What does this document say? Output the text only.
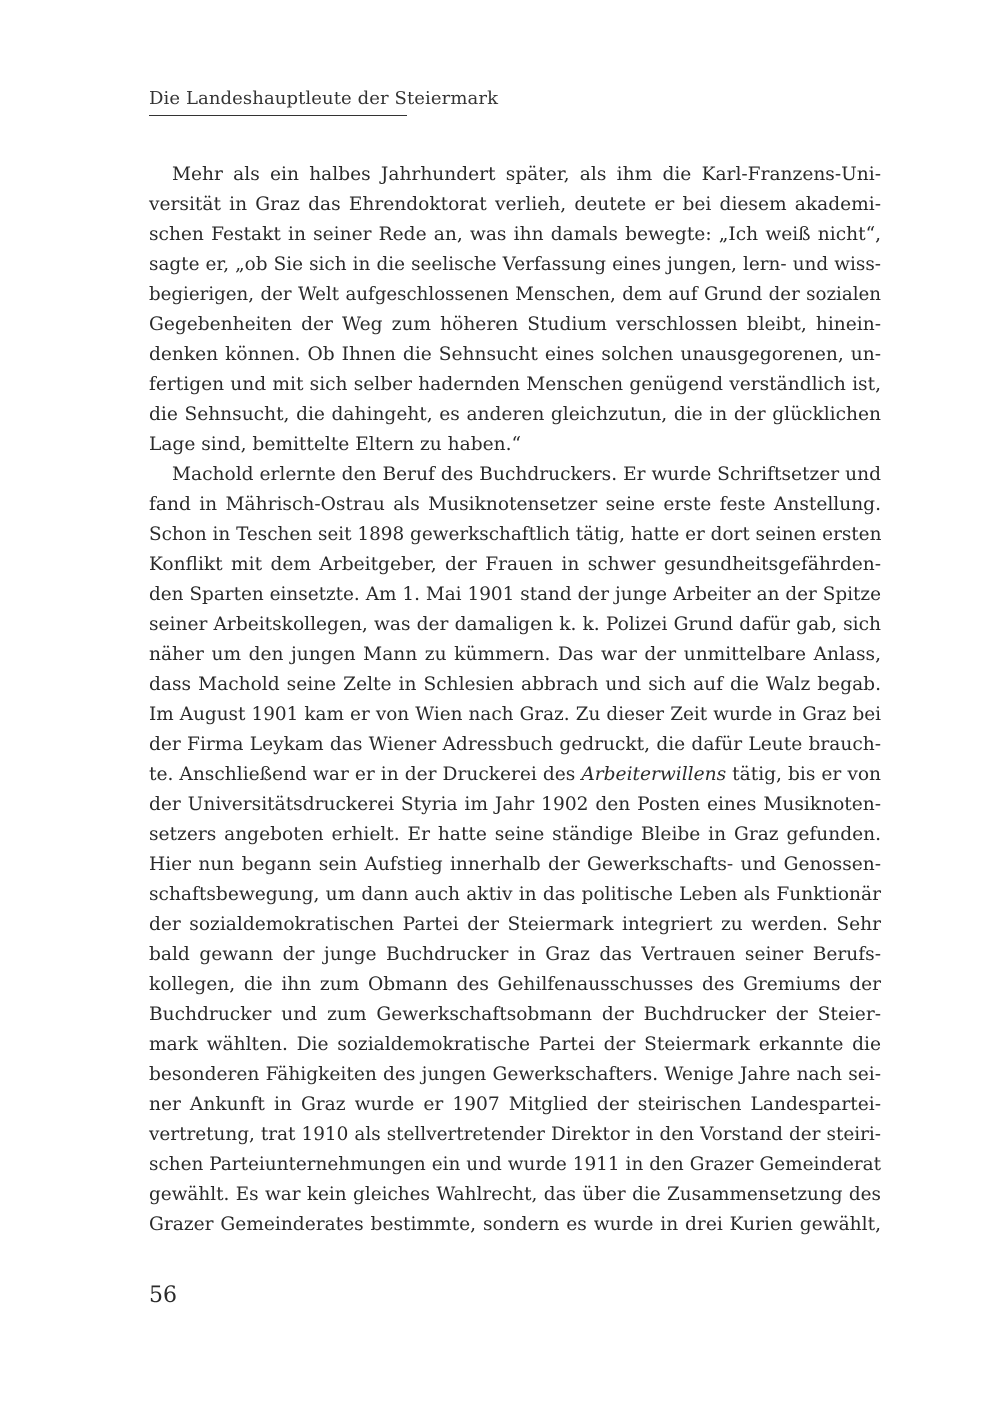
Die Landeshauptleute der Steiermark
Mehr als ein halbes Jahrhundert später, als ihm die Karl-Franzens-Uni-
versität in Graz das Ehrendoktorat verlieh, deutete er bei diesem akademi-
schen Festakt in seiner Rede an, was ihn damals bewegte: „Ich weiß nicht“,
sagte er, „ob Sie sich in die seelische Verfassung eines jungen, lern- und wiss-
begierigen, der Welt aufgeschlossenen Menschen, dem auf Grund der sozialen
Gegebenheiten der Weg zum höheren Studium verschlossen bleibt, hinein-
denken können. Ob Ihnen die Sehnsucht eines solchen unausgegorenen, un-
fertigen und mit sich selber hadernden Menschen genügend verständlich ist,
die Sehnsucht, die dahingeht, es anderen gleichzutun, die in der glücklichen
Lage sind, bemittelte Eltern zu haben.“
Machold erlernte den Beruf des Buchdruckers. Er wurde Schriftsetzer und
fand in Mährisch-Ostrau als Musiknotensetzer seine erste feste Anstellung.
Schon in Teschen seit 1898 gewerkschaftlich tätig, hatte er dort seinen ersten
Konflikt mit dem Arbeitgeber, der Frauen in schwer gesundheitsgefährden-
den Sparten einsetzte. Am 1. Mai 1901 stand der junge Arbeiter an der Spitze
seiner Arbeitskollegen, was der damaligen k. k. Polizei Grund dafür gab, sich
näher um den jungen Mann zu kümmern. Das war der unmittelbare Anlass,
dass Machold seine Zelte in Schlesien abbrach und sich auf die Walz begab.
Im August 1901 kam er von Wien nach Graz. Zu dieser Zeit wurde in Graz bei
der Firma Leykam das Wiener Adressbuch gedruckt, die dafür Leute brauch-
te. Anschließend war er in der Druckerei des Arbeiterwillens tätig, bis er von
der Universitätsdruckerei Styria im Jahr 1902 den Posten eines Musiknoten-
setzers angeboten erhielt. Er hatte seine ständige Bleibe in Graz gefunden.
Hier nun begann sein Aufstieg innerhalb der Gewerkschafts- und Genossen-
schaftsbewegung, um dann auch aktiv in das politische Leben als Funktionär
der sozialdemokratischen Partei der Steiermark integriert zu werden. Sehr
bald gewann der junge Buchdrucker in Graz das Vertrauen seiner Berufs-
kollegen, die ihn zum Obmann des Gehilfenausschusses des Gremiums der
Buchdrucker und zum Gewerkschaftsobmann der Buchdrucker der Steier-
mark wählten. Die sozialdemokratische Partei der Steiermark erkannte die
besonderen Fähigkeiten des jungen Gewerkschafters. Wenige Jahre nach sei-
ner Ankunft in Graz wurde er 1907 Mitglied der steirischen Landespartei-
vertretung, trat 1910 als stellvertretender Direktor in den Vorstand der steiri-
schen Parteiunternehmungen ein und wurde 1911 in den Grazer Gemeinderat
gewählt. Es war kein gleiches Wahlrecht, das über die Zusammensetzung des
Grazer Gemeinderates bestimmte, sondern es wurde in drei Kurien gewählt,
56
